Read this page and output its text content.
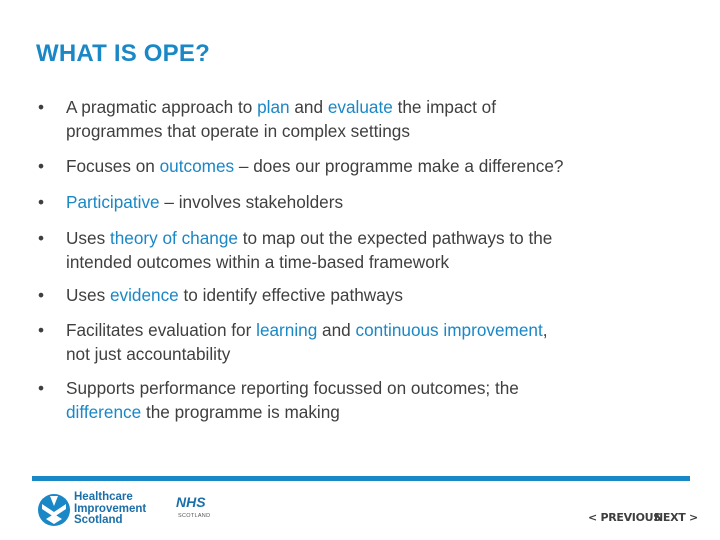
WHAT IS OPE?
• A pragmatic approach to plan and evaluate the impact of
programmes that operate in complex settings
• Focuses on outcomes – does our programme make a difference?
• Participative – involves stakeholders
• Uses theory of change to map out the expected pathways to the
intended outcomes within a time-based framework
• Uses evidence to identify effective pathways
• Facilitates evaluation for learning and continuous improvement,
not just accountability
• Supports performance reporting focussed on outcomes; the
difference the programme is making
Healthcare
Improvement
Scotland
NHS
SCOTLAND	< PREVIOUS
NEXT >
